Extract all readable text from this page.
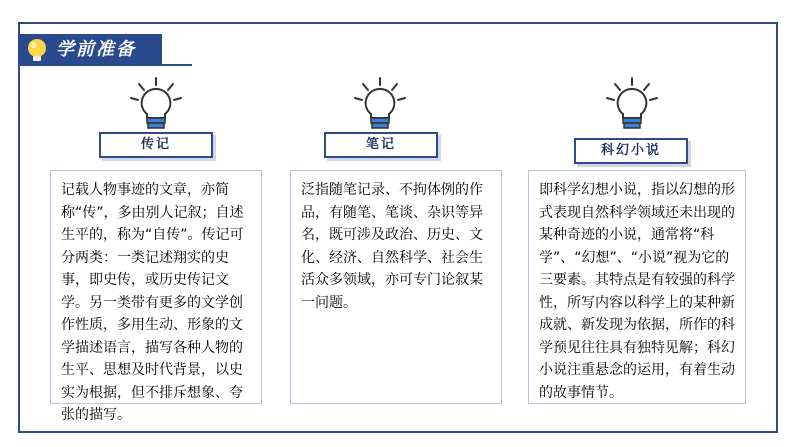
学前准备
传记
记载人物事迹的文章，亦简称“传”，多由别人记叙；自述生平的，称为“自传”。传记可分两类：一类记述翔实的史事，即史传，或历史传记文学。另一类带有更多的文学创作性质，多用生动、形象的文学描述语言，描写各种人物的生平、思想及时代背景，以史实为根据，但不排斥想象、夸张的描写。
笔记
泛指随笔记录、不拘体例的作品，有随笔、笔谈、杂识等异名，既可涉及政治、历史、文化、经济、自然科学、社会生活众多领域，亦可专门论叙某一问题。
科幻小说
即科学幻想小说，指以幻想的形式表现自然科学领域还未出现的某种奇迹的小说，通常将“科学”、“幻想”、“小说”视为它的三要素。其特点是有较强的科学性，所写内容以科学上的某种新成就、新发现为依据，所作的科学预见往往具有独特见解；科幻小说注重悬念的运用，有着生动的故事情节。
